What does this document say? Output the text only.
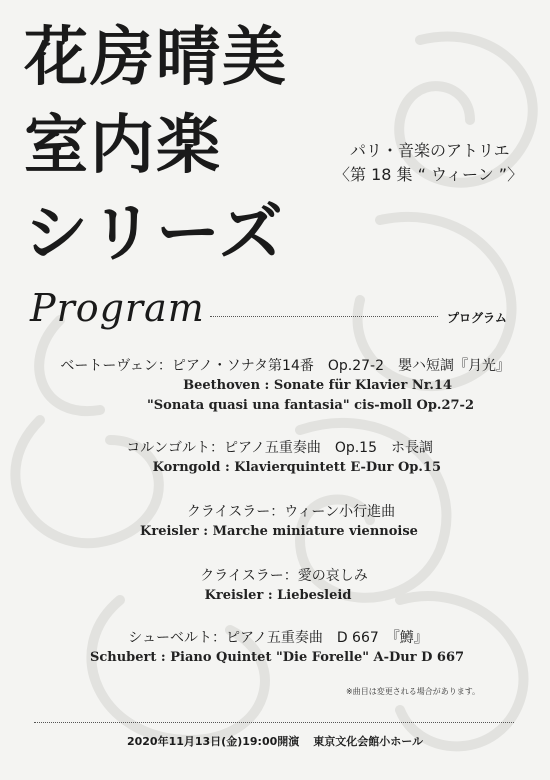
花房晴美
室内楽
シリーズ
パリ・音楽のアトリエ
〈第 18 集 “ ウィーン ”〉
Program	プログラム
ベートーヴェン：ピアノ・ソナタ第14番　Op.27-2　嬰ハ短調『月光』
Beethoven : Sonate für Klavier Nr.14
"Sonata quasi una fantasia" cis-moll Op.27-2
コルンゴルト：ピアノ五重奏曲　Op.15　ホ長調
Korngold : Klavierquintett E-Dur Op.15
クライスラー：ウィーン小行進曲
Kreisler : Marche miniature viennoise
クライスラー：愛の哀しみ
Kreisler : Liebesleid
シューベルト：ピアノ五重奏曲　D 667　『鱒』
Schubert : Piano Quintet "Die Forelle" A-Dur D 667
※曲目は変更される場合があります。
2020年11月13日(金)19:00開演 東京文化会館小ホール
